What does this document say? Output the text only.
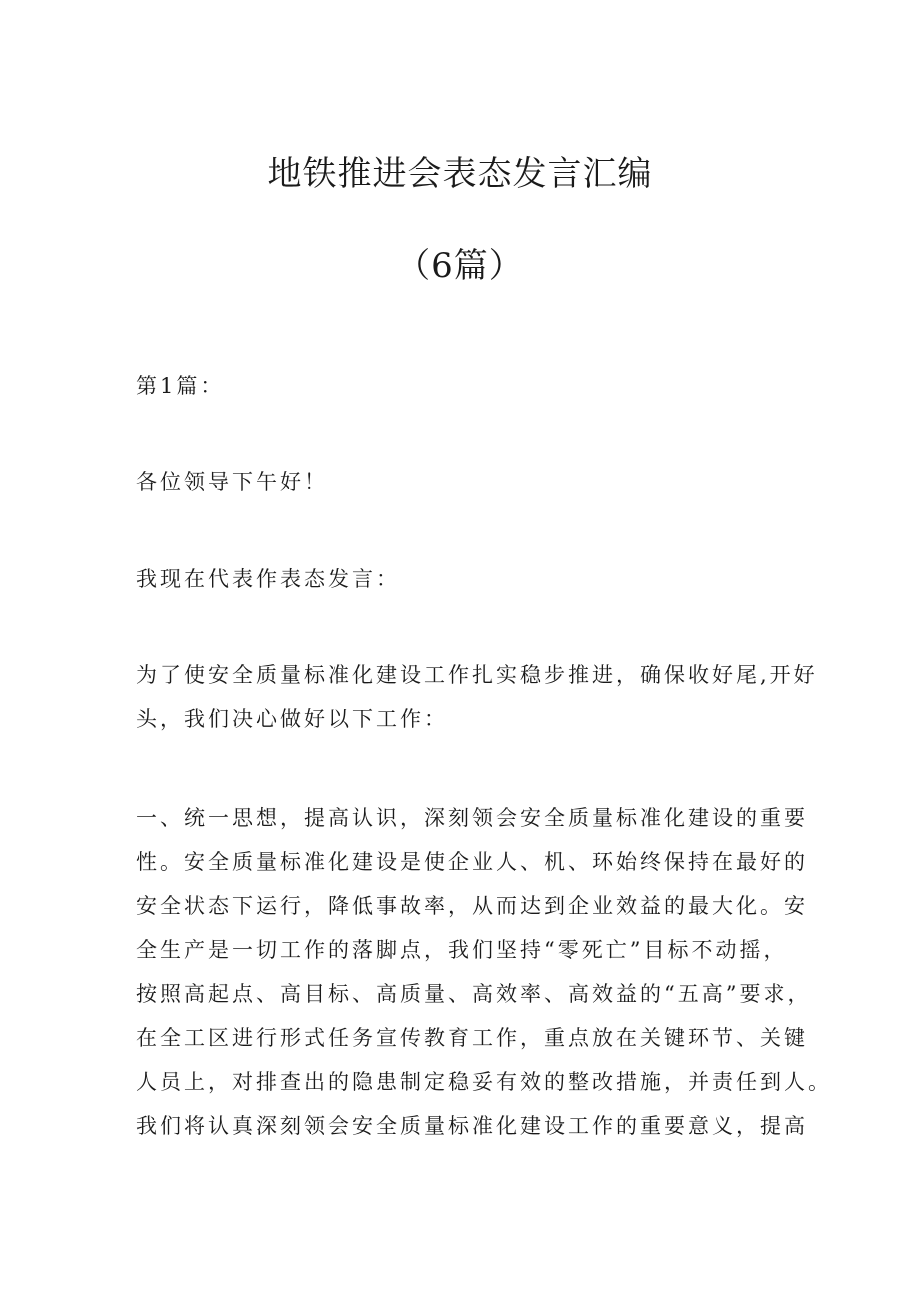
地铁推进会表态发言汇编
（6篇）
第1篇：
各位领导下午好！
我现在代表作表态发言：
为了使安全质量标准化建设工作扎实稳步推进，确保收好尾,开好
头，我们决心做好以下工作：
一、统一思想，提高认识，深刻领会安全质量标准化建设的重要
性。安全质量标准化建设是使企业人、机、环始终保持在最好的
安全状态下运行，降低事故率，从而达到企业效益的最大化。安
全生产是一切工作的落脚点，我们坚持“零死亡”目标不动摇，
按照高起点、高目标、高质量、高效率、高效益的“五高”要求，
在全工区进行形式任务宣传教育工作，重点放在关键环节、关键
人员上，对排查出的隐患制定稳妥有效的整改措施，并责任到人。
我们将认真深刻领会安全质量标准化建设工作的重要意义，提高
